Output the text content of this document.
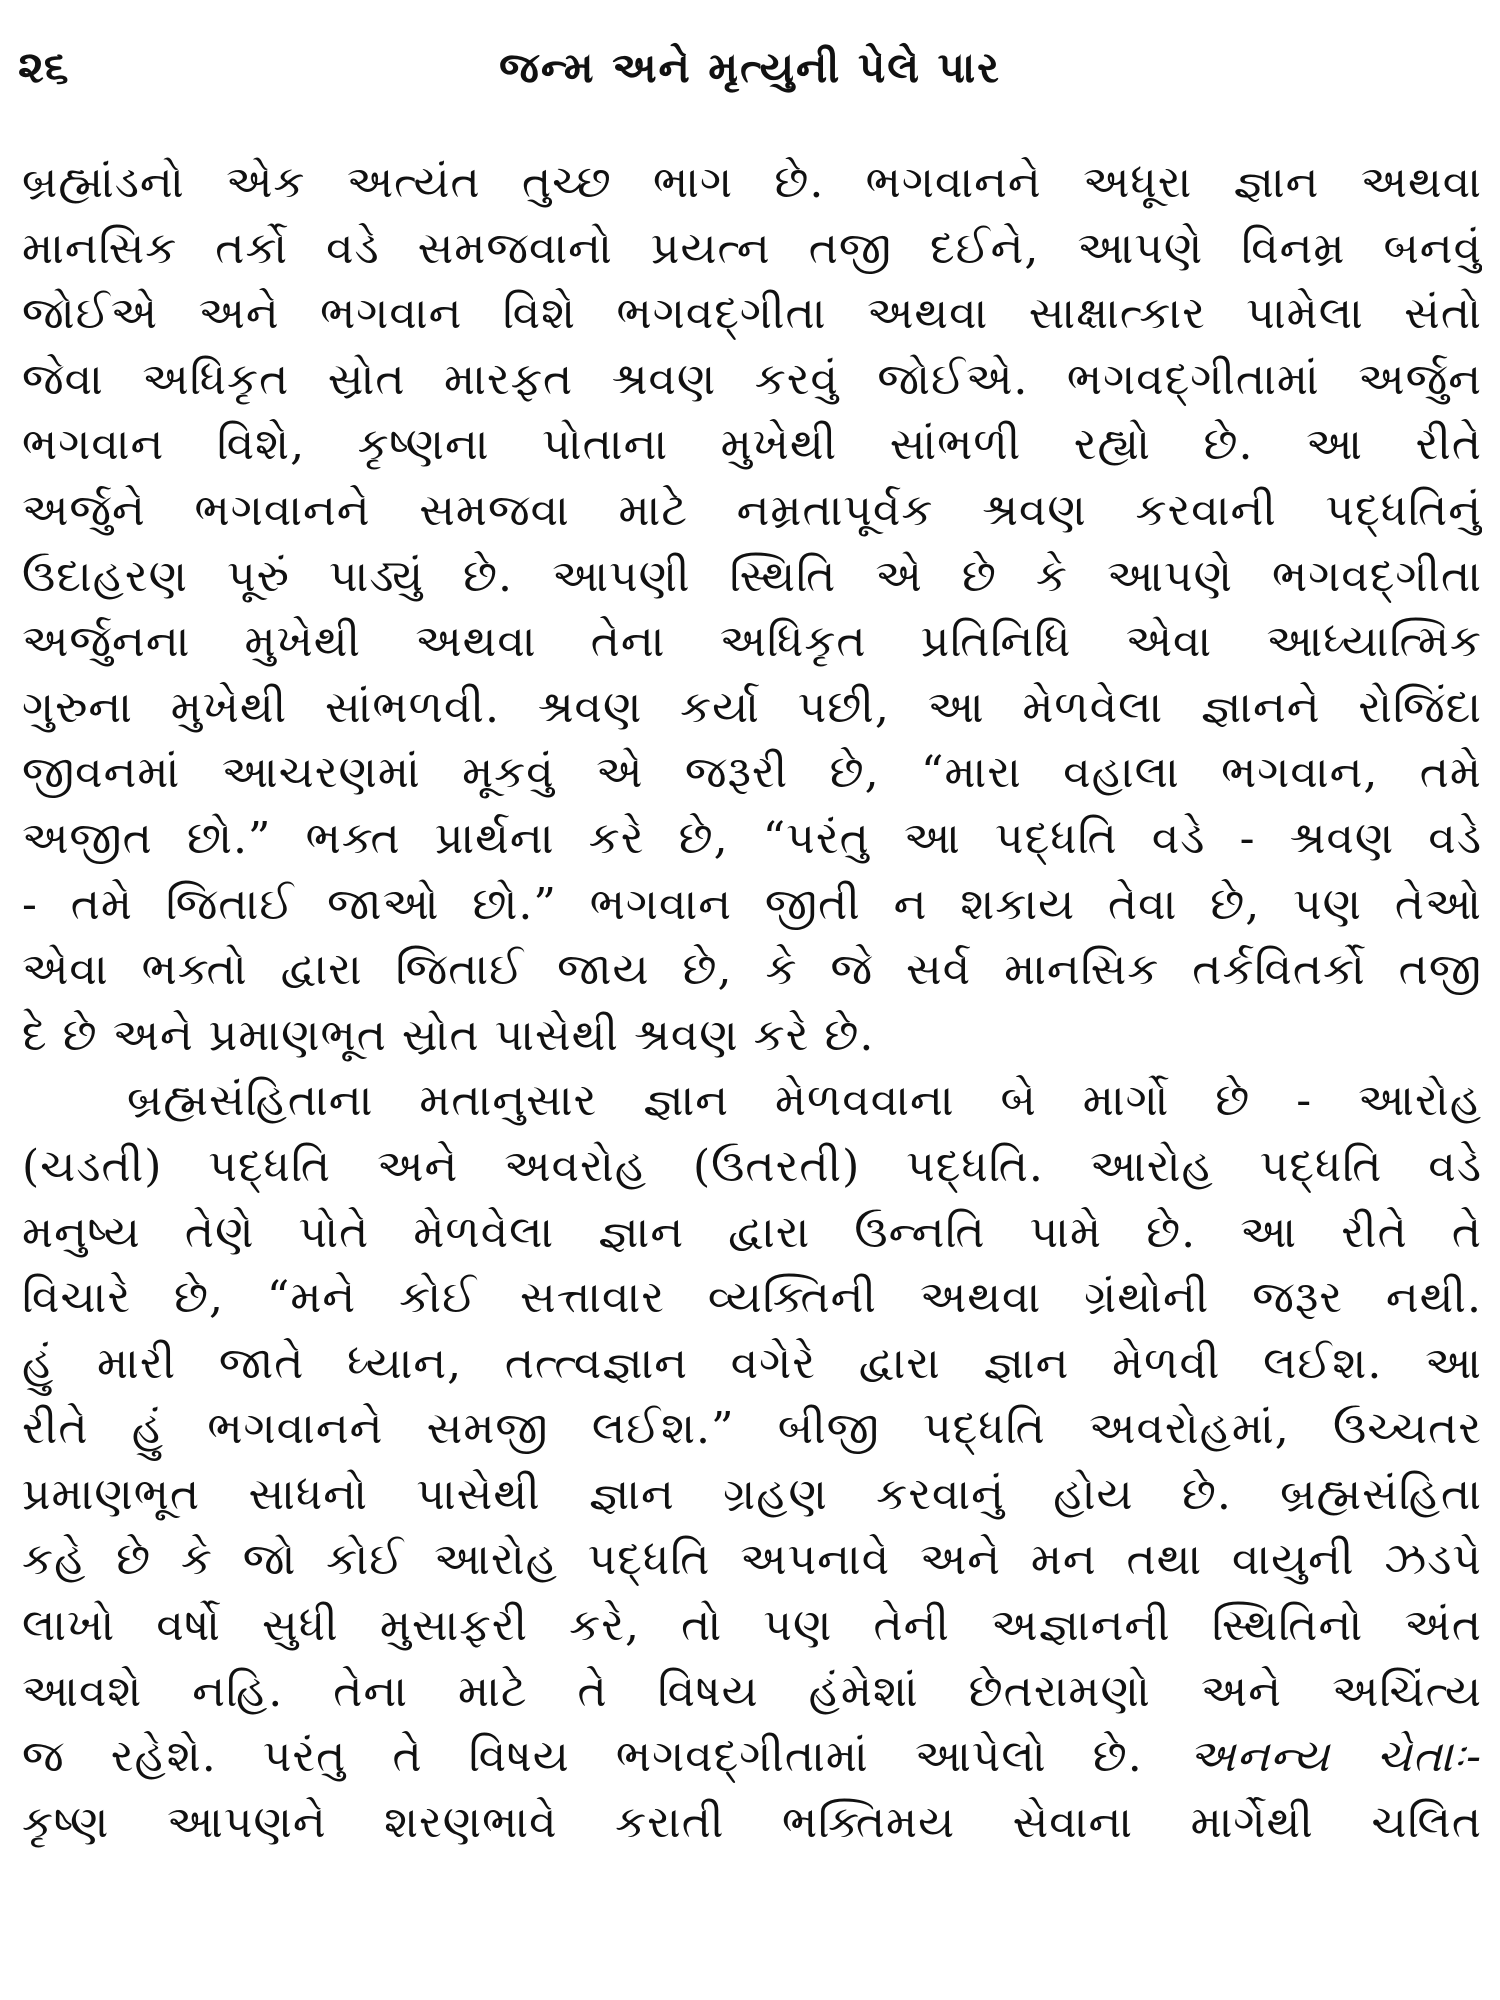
૨૬	જન્મ અને મૃત્યુની પેલે પાર
બ્રહ્માંડનો એક અત્યંત તુચ્છ ભાગ છે. ભગવાનને અધૂરા જ્ઞાન અથવા
માનસિક તર્કો વડે સમજવાનો પ્રયત્ન તજી દઈને, આપણે વિનમ્ર બનવું
જોઈએ અને ભગવાન વિશે ભગવદ્ગીતા અથવા સાક્ષાત્કાર પામેલા સંતો
જેવા અધિકૃત સ્રોત મારફત શ્રવણ કરવું જોઈએ. ભગવદ્ગીતામાં અર્જુન
ભગવાન વિશે, કૃષ્ણના પોતાના મુખેથી સાંભળી રહ્યો છે. આ રીતે
અર્જુને ભગવાનને સમજવા માટે નમ્રતાપૂર્વક શ્રવણ કરવાની પદ્ધતિનું
ઉદાહરણ પૂરું પાડ્યું છે. આપણી સ્થિતિ એ છે કે આપણે ભગવદ્ગીતા
અર્જુનના મુખેથી અથવા તેના અધિકૃત પ્રતિનિધિ એવા આધ્યાત્મિક
ગુરુના મુખેથી સાંભળવી. શ્રવણ કર્યા પછી, આ મેળવેલા જ્ઞાનને રોજિંદા
જીવનમાં આચરણમાં મૂકવું એ જરૂરી છે, “મારા વહાલા ભગવાન, તમે
અજીત છો.” ભક્ત પ્રાર્થના કરે છે, “પરંતુ આ પદ્ધતિ વડે - શ્રવણ વડે
- તમે જિતાઈ જાઓ છો.” ભગવાન જીતી ન શકાય તેવા છે, પણ તેઓ
એવા ભક્તો દ્વારા જિતાઈ જાય છે, કે જે સર્વ માનસિક તર્કવિતર્કો તજી
દે છે અને પ્રમાણભૂત સ્રોત પાસેથી શ્રવણ કરે છે.
બ્રહ્મસંહિતાના મતાનુસાર જ્ઞાન મેળવવાના બે માર્ગો છે - આરોહ
(ચડતી) પદ્ધતિ અને અવરોહ (ઉતરતી) પદ્ધતિ. આરોહ પદ્ધતિ વડે
મનુષ્ય તેણે પોતે મેળવેલા જ્ઞાન દ્વારા ઉન્નતિ પામે છે. આ રીતે તે
વિચારે છે, “મને કોઈ સત્તાવાર વ્યક્તિની અથવા ગ્રંથોની જરૂર નથી.
હું મારી જાતે ધ્યાન, તત્ત્વજ્ઞાન વગેરે દ્વારા જ્ઞાન મેળવી લઈશ. આ
રીતે હું ભગવાનને સમજી લઈશ.” બીજી પદ્ધતિ અવરોહમાં, ઉચ્ચતર
પ્રમાણભૂત સાધનો પાસેથી જ્ઞાન ગ્રહણ કરવાનું હોય છે. બ્રહ્મસંહિતા
કહે છે કે જો કોઈ આરોહ પદ્ધતિ અપનાવે અને મન તથા વાયુની ઝડપે
લાખો વર્ષો સુધી મુસાફરી કરે, તો પણ તેની અજ્ઞાનની સ્થિતિનો અંત
આવશે નહિ. તેના માટે તે વિષય હંમેશાં છેતરામણો અને અચિંત્ય
જ રહેશે. પરંતુ તે વિષય ભગવદ્ગીતામાં આપેલો છે. અનન્ય ચેતાઃ-
કૃષ્ણ આપણને શરણભાવે કરાતી ભક્તિમય સેવાના માર્ગેથી ચલિત
